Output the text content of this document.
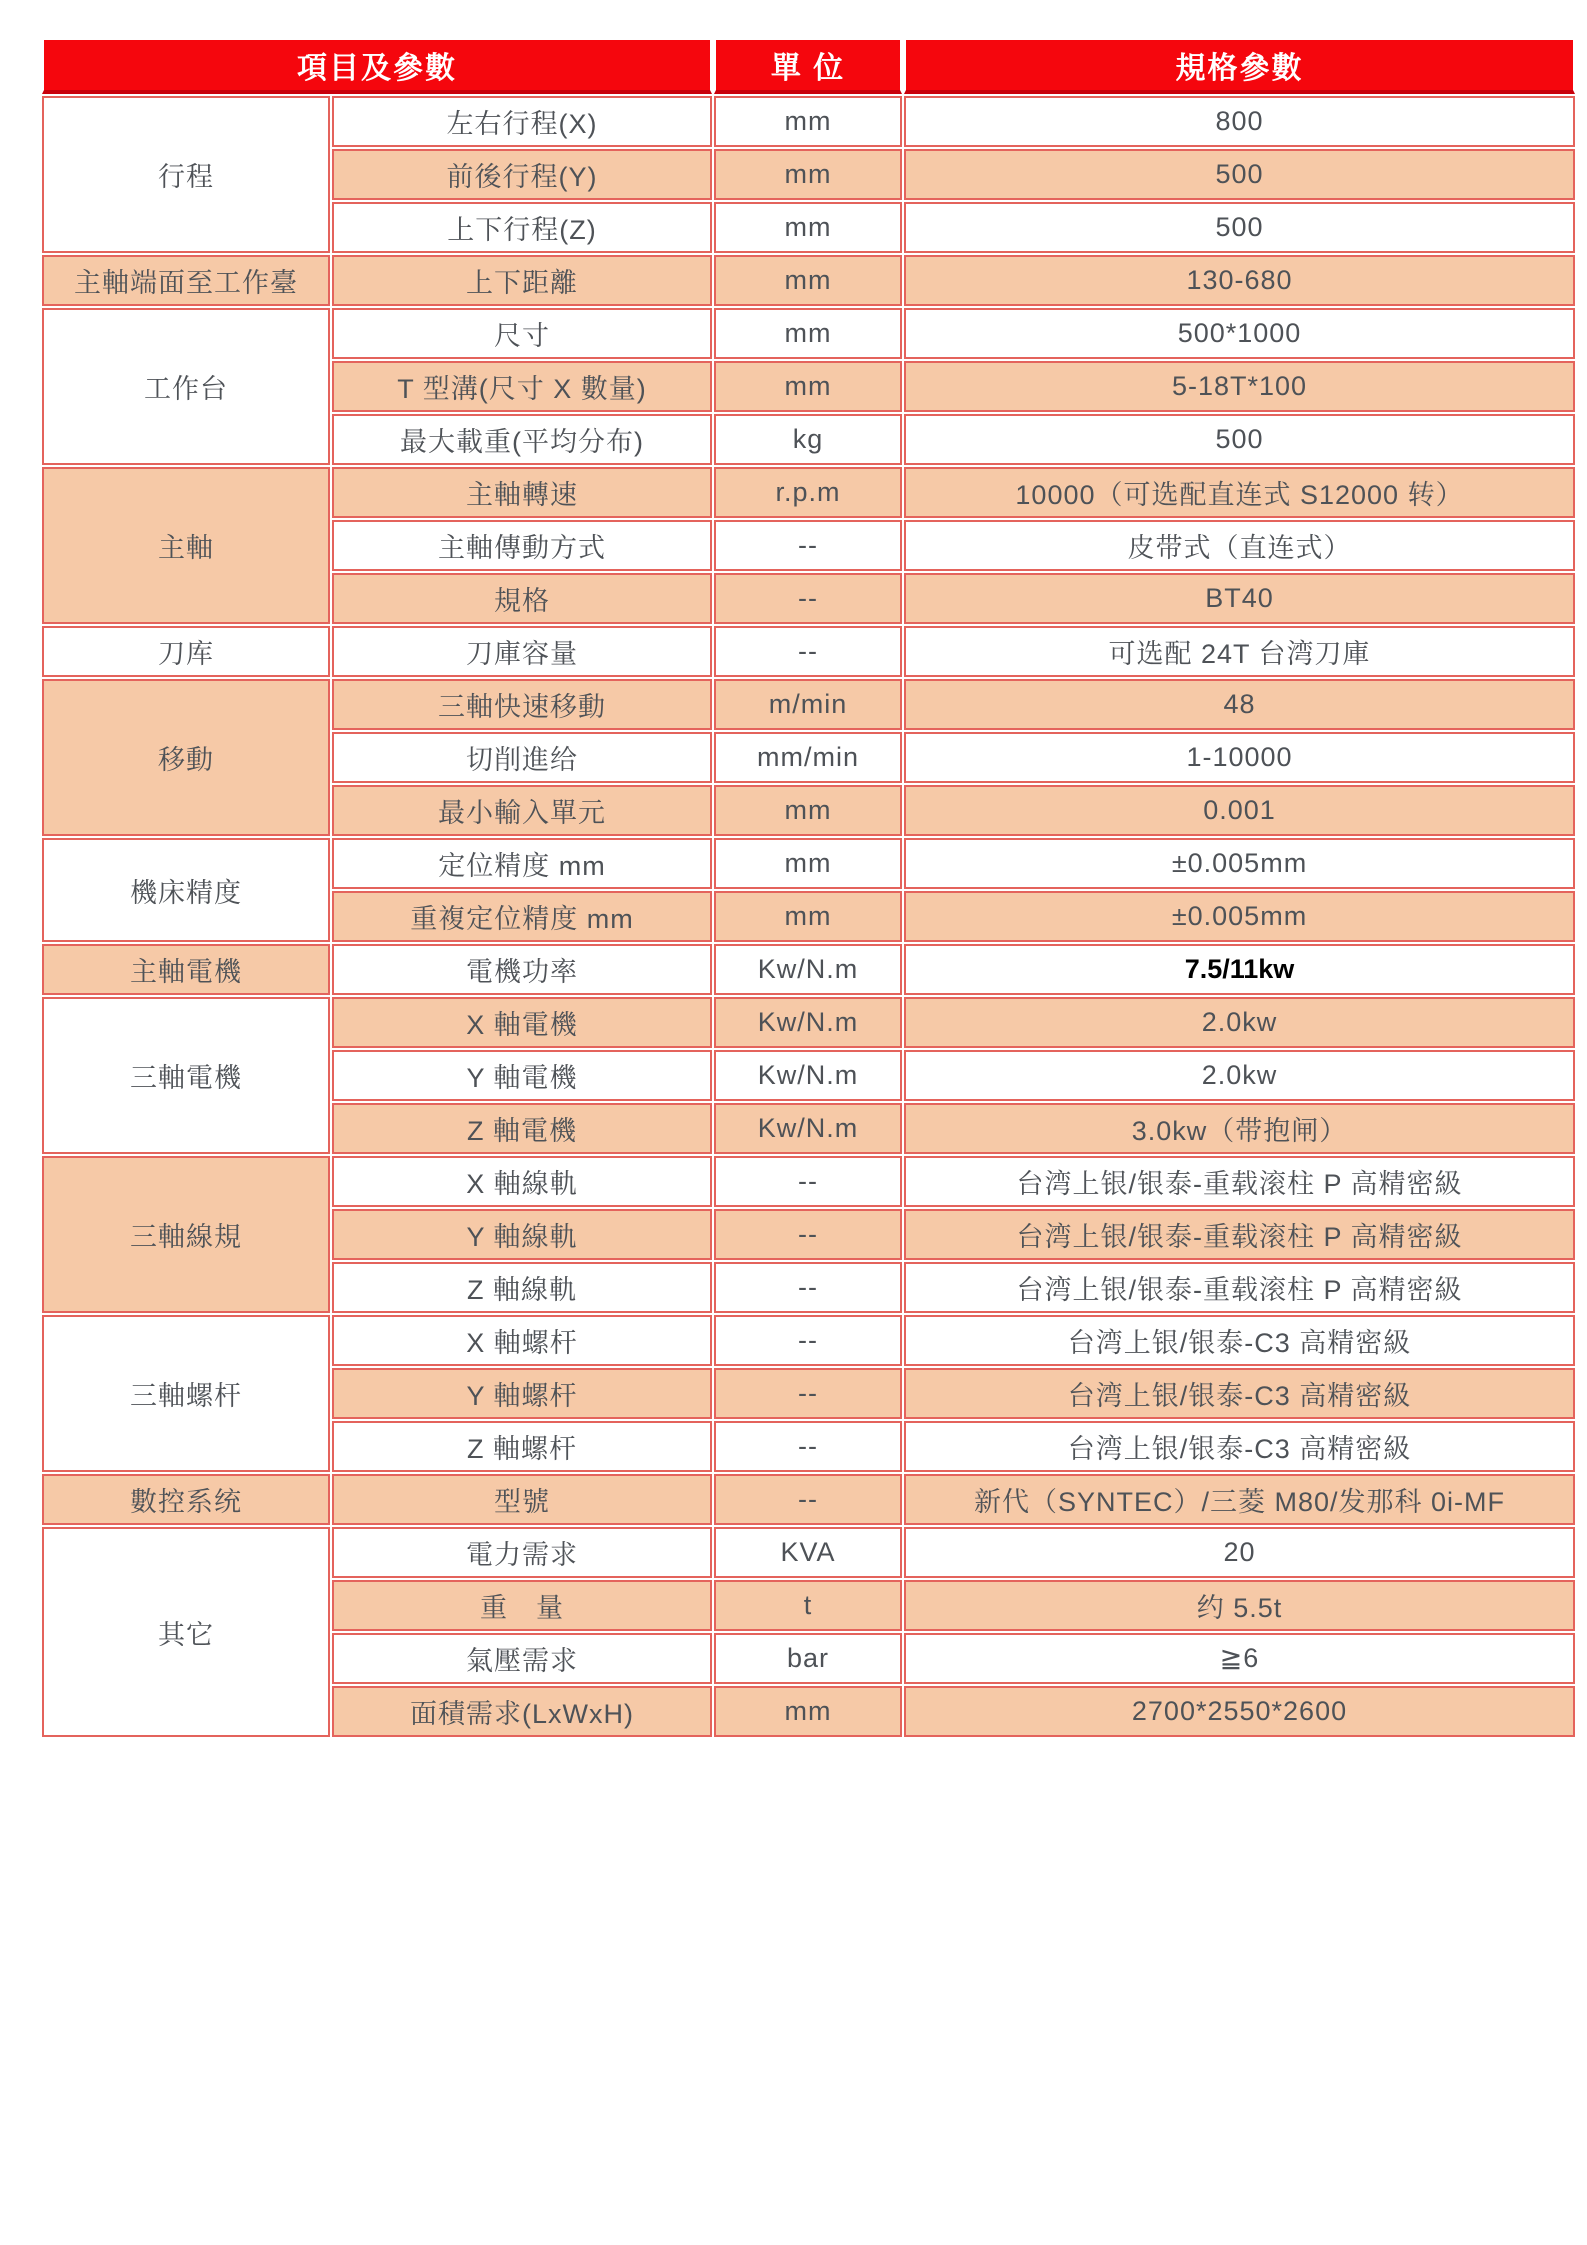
項目及參數		單 位	規格參數
行程	左右行程(X)	mm	800
	前後行程(Y)	mm	500
	上下行程(Z)	mm	500
主軸端面至工作臺	上下距離	mm	130-680
工作台	尺寸	mm	500*1000
	T 型溝(尺寸 X 數量)	mm	5-18T*100
	最大載重(平均分布)	kg	500
主軸	主軸轉速	r.p.m	10000（可选配直连式 S12000 转）
	主軸傳動方式	--	皮带式（直连式）
	規格	--	BT40
刀库	刀庫容量	--	可选配 24T 台湾刀庫
移動	三軸快速移動	m/min	48
	切削進给	mm/min	1-10000
	最小輸入單元	mm	0.001
機床精度	定位精度 mm	mm	±0.005mm
	重複定位精度 mm	mm	±0.005mm
主軸電機	電機功率	Kw/N.m	7.5/11kw
三軸電機	X 軸電機	Kw/N.m	2.0kw
	Y 軸電機	Kw/N.m	2.0kw
	Z 軸電機	Kw/N.m	3.0kw（带抱闸）
三軸線規	X 軸線軌	--	台湾上银/银泰-重载滚柱 P 高精密級
	Y 軸線軌	--	台湾上银/银泰-重载滚柱 P 高精密級
	Z 軸線軌	--	台湾上银/银泰-重载滚柱 P 高精密級
三軸螺杆	X 軸螺杆	--	台湾上银/银泰-C3 高精密級
	Y 軸螺杆	--	台湾上银/银泰-C3 高精密級
	Z 軸螺杆	--	台湾上银/银泰-C3 高精密級
數控系统	型號	--	新代（SYNTEC）/三菱 M80/发那科 0i-MF
其它	電力需求	KVA	20
	重　量	t	约 5.5t
	氣壓需求	bar	≧6
	面積需求(LxWxH)	mm	2700*2550*2600
